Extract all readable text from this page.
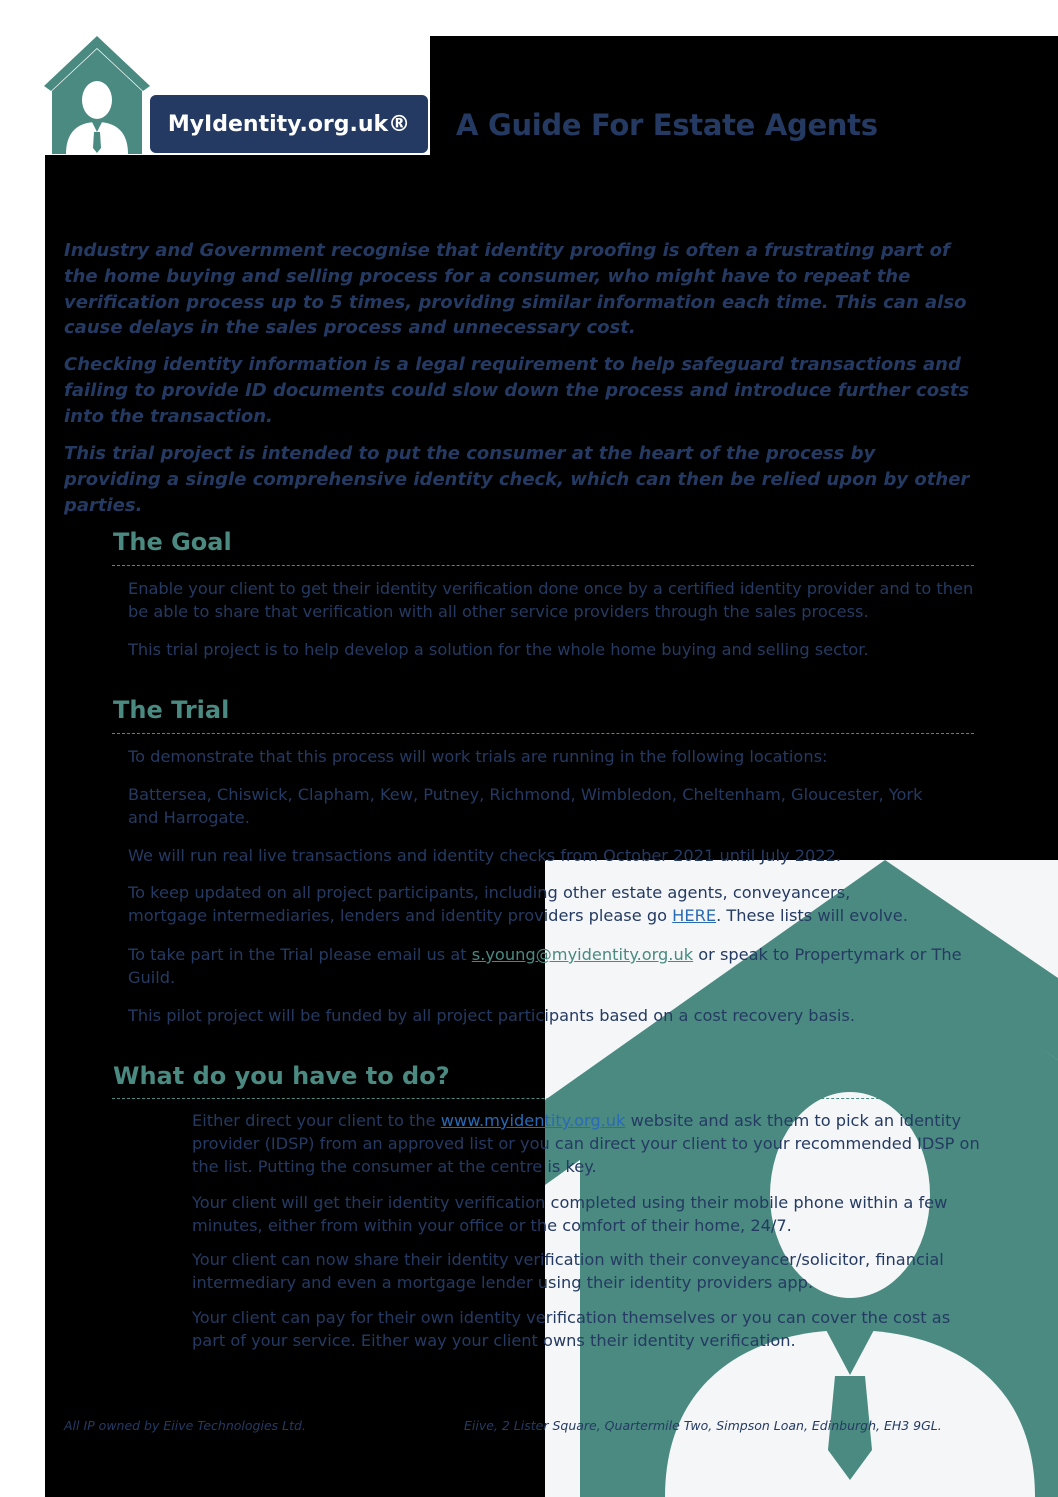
MyIdentity.org.uk® A Guide For Estate Agents

Industry and Government recognise that identity proofing is often a frustrating part of the home buying and selling process for a consumer, who might have to repeat the verification process up to 5 times, providing similar information each time. This can also cause delays in the sales process and unnecessary cost.

Checking identity information is a legal requirement to help safeguard transactions and failing to provide ID documents could slow down the process and introduce further costs into the transaction.

This trial project is intended to put the consumer at the heart of the process by providing a single comprehensive identity check, which can then be relied upon by other parties.

The Goal

Enable your client to get their identity verification done once by a certified identity provider and to then be able to share that verification with all other service providers through the sales process.

This trial project is to help develop a solution for the whole home buying and selling sector.

The Trial

To demonstrate that this process will work trials are running in the following locations:

Battersea, Chiswick, Clapham, Kew, Putney, Richmond, Wimbledon, Cheltenham, Gloucester, York and Harrogate.

We will run real live transactions and identity checks from October 2021 until July 2022.

To keep updated on all project participants, including other estate agents, conveyancers, mortgage intermediaries, lenders and identity providers please go HERE. These lists will evolve.

To take part in the Trial please email us at s.young@myidentity.org.uk or speak to Propertymark or The Guild.

This pilot project will be funded by all project participants based on a cost recovery basis.

What do you have to do?

Either direct your client to the www.myidentity.org.uk website and ask them to pick an identity provider (IDSP) from an approved list or you can direct your client to your recommended IDSP on the list. Putting the consumer at the centre is key.

Your client will get their identity verification completed using their mobile phone within a few minutes, either from within your office or the comfort of their home, 24/7.

Your client can now share their identity verification with their conveyancer/solicitor, financial intermediary and even a mortgage lender using their identity providers app.

Your client can pay for their own identity verification themselves or you can cover the cost as part of your service. Either way your client owns their identity verification.

All IP owned by Eiive Technologies Ltd.	Eiive, 2 Lister Square, Quartermile Two, Simpson Loan, Edinburgh, EH3 9GL.
